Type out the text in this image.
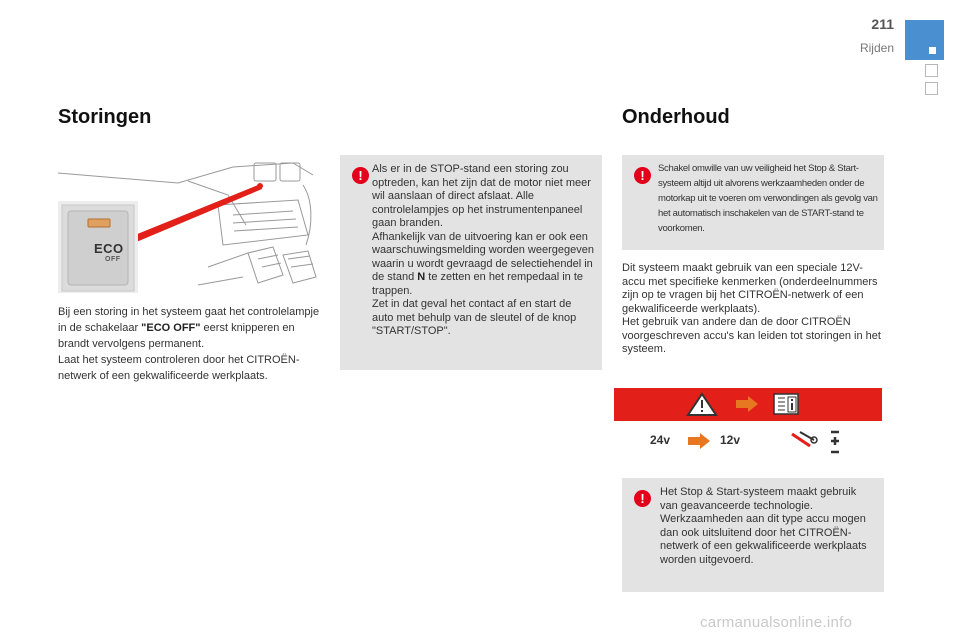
211
Rijden
Storingen
ECO
OFF

Bij een storing in het systeem gaat het controlelampje in de schakelaar "ECO OFF" eerst knipperen en brandt vervolgens permanent.

Laat het systeem controleren door het CITROËN-netwerk of een gekwalificeerde werkplaats.

! Als er in de STOP-stand een storing zou optreden, kan het zijn dat de motor niet meer wil aanslaan of direct afslaat. Alle controlelampjes op het instrumentenpaneel gaan branden.

Afhankelijk van de uitvoering kan er ook een waarschuwingsmelding worden weergegeven waarin u wordt gevraagd de selectiehendel in de stand N te zetten en het rempedaal in te trappen.

Zet in dat geval het contact af en start de auto met behulp van de sleutel of de knop "START/STOP".

Onderhoud
!	Schakel omwille van uw veiligheid het Stop & Start-systeem altijd uit alvorens werkzaamheden onder de motorkap uit te voeren om verwondingen als gevolg van het automatisch inschakelen van de START-stand te voorkomen.

Dit systeem maakt gebruik van een speciale 12V-accu met specifieke kenmerken (onderdeelnummers zijn op te vragen bij het CITROËN-netwerk of een gekwalificeerde werkplaats).

Het gebruik van andere dan de door CITROËN voorgeschreven accu's kan leiden tot storingen in het systeem.

24v	12v
!	Het Stop & Start-systeem maakt gebruik van geavanceerde technologie. Werkzaamheden aan dit type accu mogen dan ook uitsluitend door het CITROËN-netwerk of een gekwalificeerde werkplaats worden uitgevoerd.
carmanualsonline.info
